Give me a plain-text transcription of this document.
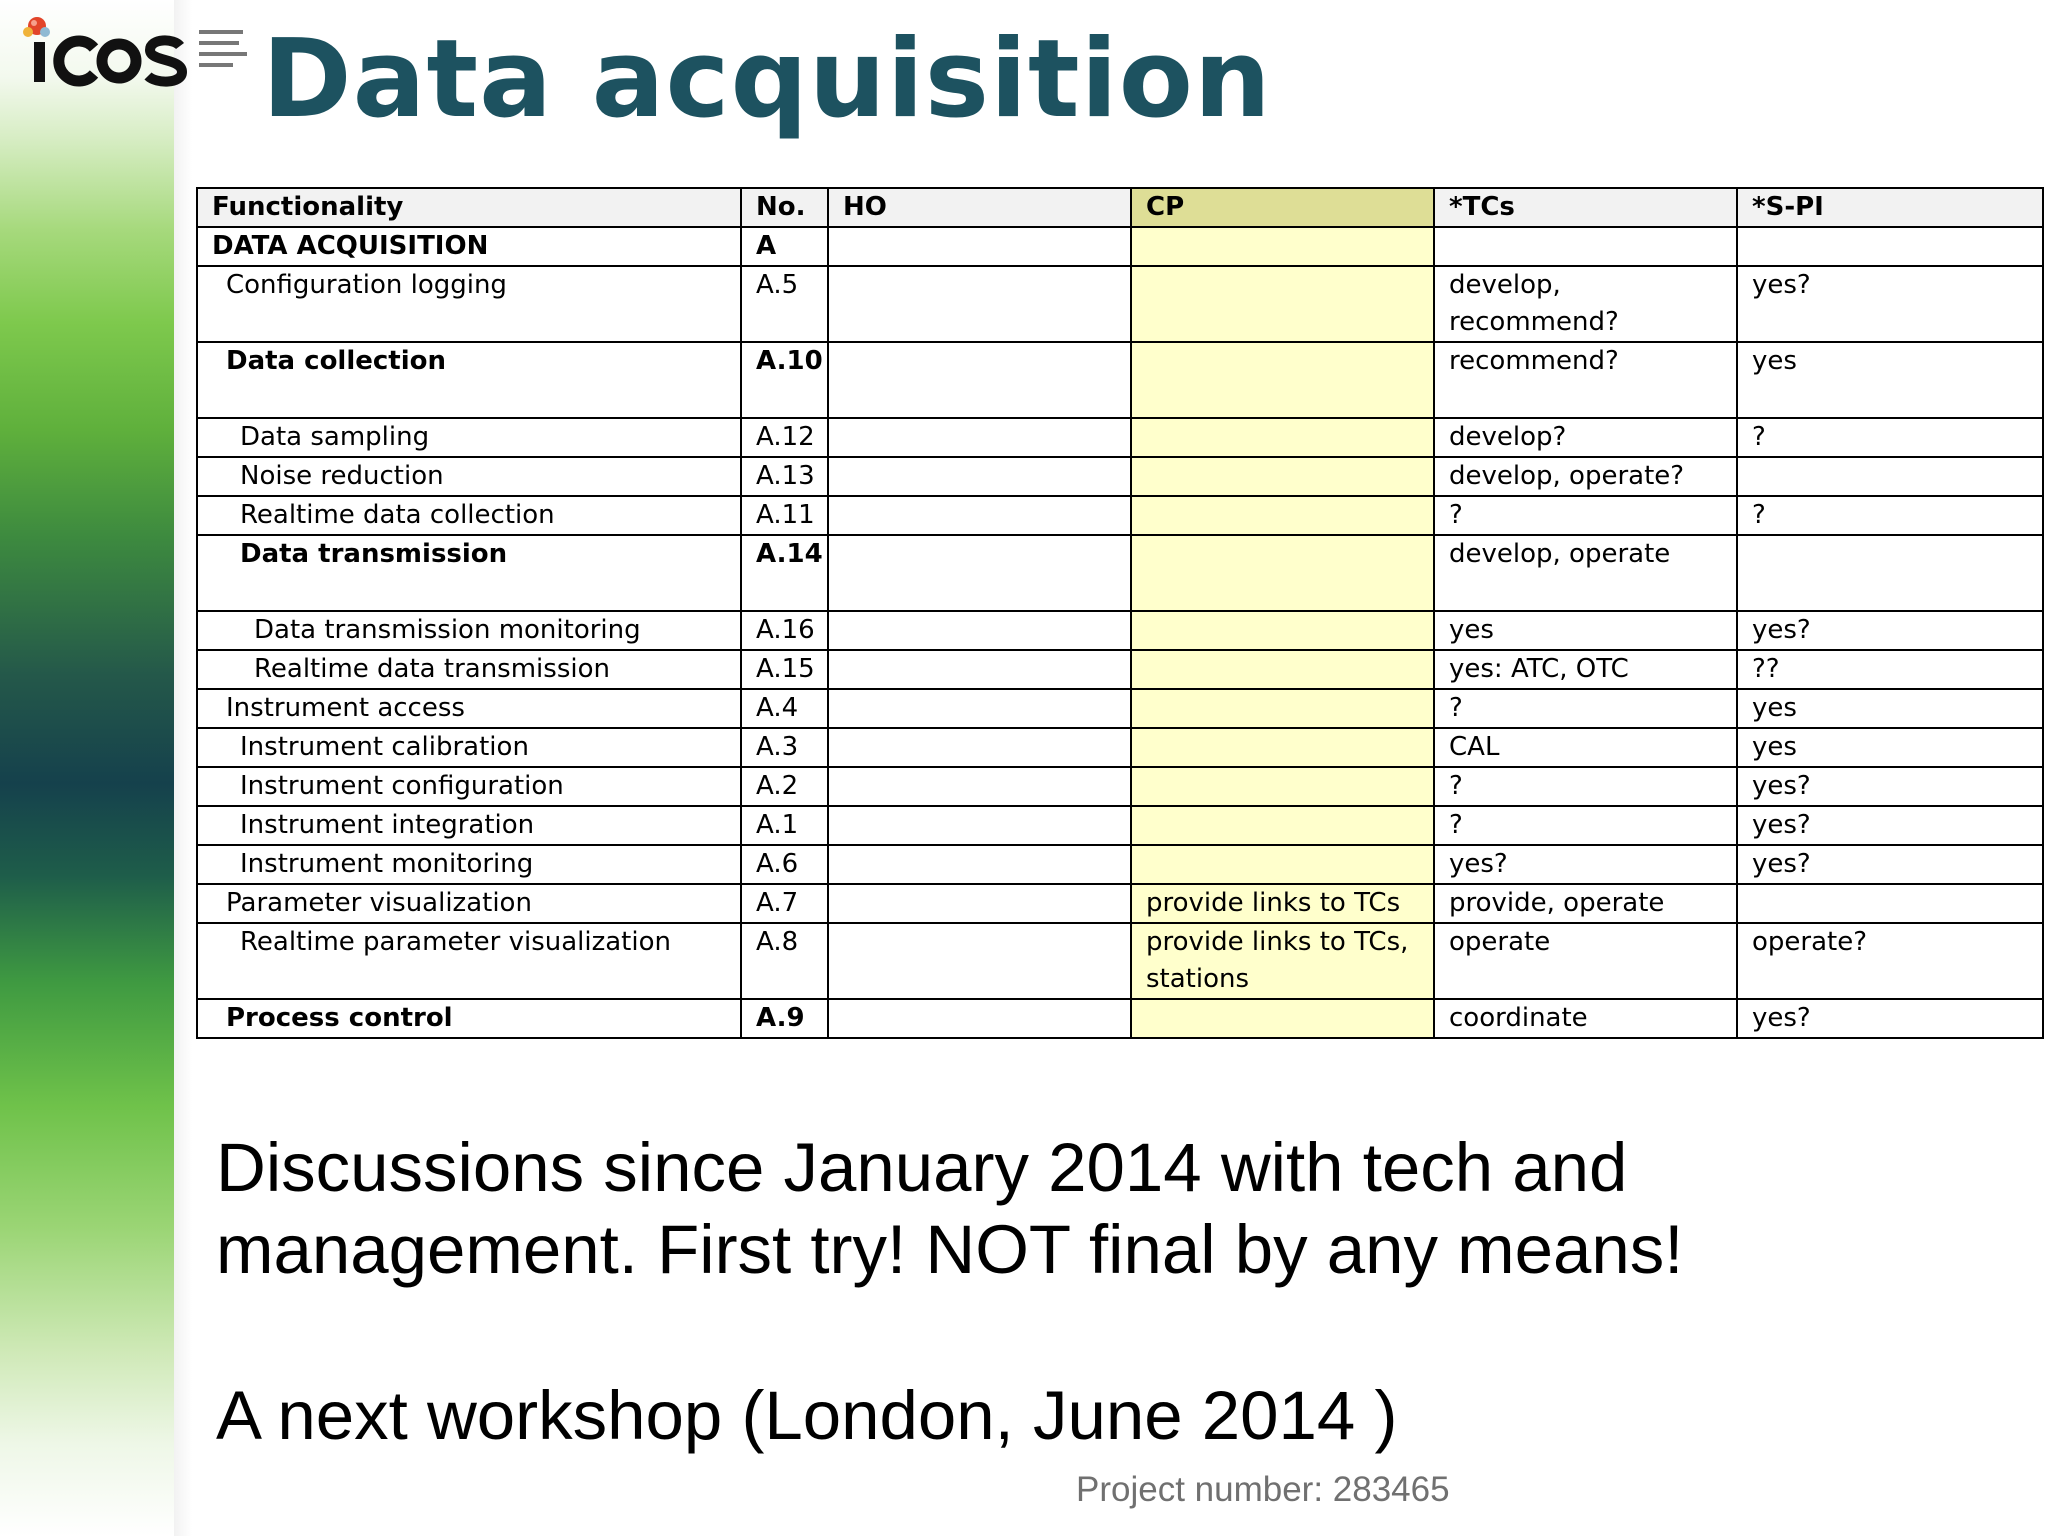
Data acquisition
Functionality	No.	HO	CP	*TCs	*S-PI
DATA ACQUISITION	A				
Configuration logging	A.5			develop, recommend?	yes?
Data collection	A.10			recommend?	yes
Data sampling	A.12			develop?	?
Noise reduction	A.13			develop, operate?	
Realtime data collection	A.11			?	?
Data transmission	A.14			develop, operate	
Data transmission monitoring	A.16			yes	yes?
Realtime data transmission	A.15			yes: ATC, OTC	??
Instrument access	A.4			?	yes
Instrument calibration	A.3			CAL	yes
Instrument configuration	A.2			?	yes?
Instrument integration	A.1			?	yes?
Instrument monitoring	A.6			yes?	yes?
Parameter visualization	A.7		provide links to TCs	provide, operate	
Realtime parameter visualization	A.8		provide links to TCs, stations	operate	operate?
Process control	A.9			coordinate	yes?

Discussions since January 2014 with tech and

management. First try! NOT final by any means!

A next workshop (London, June 2014 )

Project number: 283465
